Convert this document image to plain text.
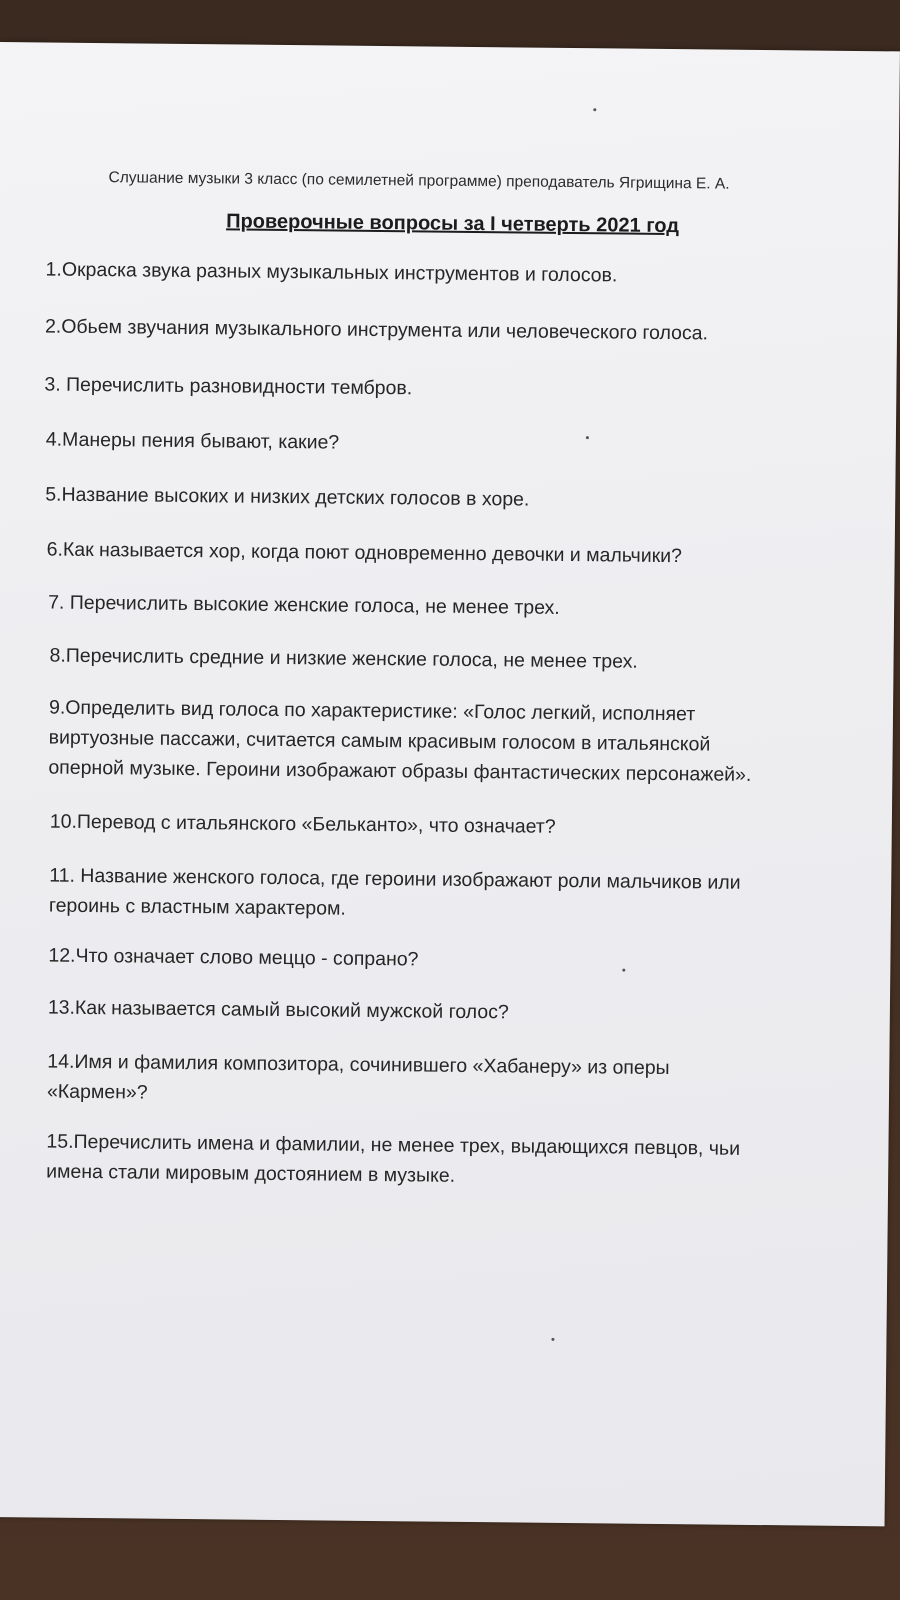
Слушание музыки 3 класс (по семилетней программе) преподаватель Ягрищина Е. А.
Проверочные вопросы за I четверть 2021 год
1.Окраска звука разных музыкальных инструментов и голосов.
2.Обьем звучания музыкального инструмента или человеческого голоса.
3. Перечислить разновидности тембров.
4.Манеры пения бывают, какие?
5.Название высоких и низких детских голосов в хоре.
6.Как называется хор, когда поют одновременно девочки и мальчики?
7. Перечислить высокие женские голоса, не менее трех.
8.Перечислить средние и низкие женские голоса, не менее трех.
9.Определить вид голоса по характеристике: «Голос легкий, исполняет
виртуозные пассажи, считается самым красивым голосом в итальянской
оперной музыке. Героини изображают образы фантастических персонажей».
10.Перевод с итальянского «Бельканто», что означает?
11. Название женского голоса, где героини изображают роли мальчиков или
героинь с властным характером.
12.Что означает слово меццо - сопрано?
13.Как называется самый высокий мужской голос?
14.Имя и фамилия композитора, сочинившего «Хабанеру» из оперы
«Кармен»?
15.Перечислить имена и фамилии, не менее трех, выдающихся певцов, чьи
имена стали мировым достоянием в музыке.
